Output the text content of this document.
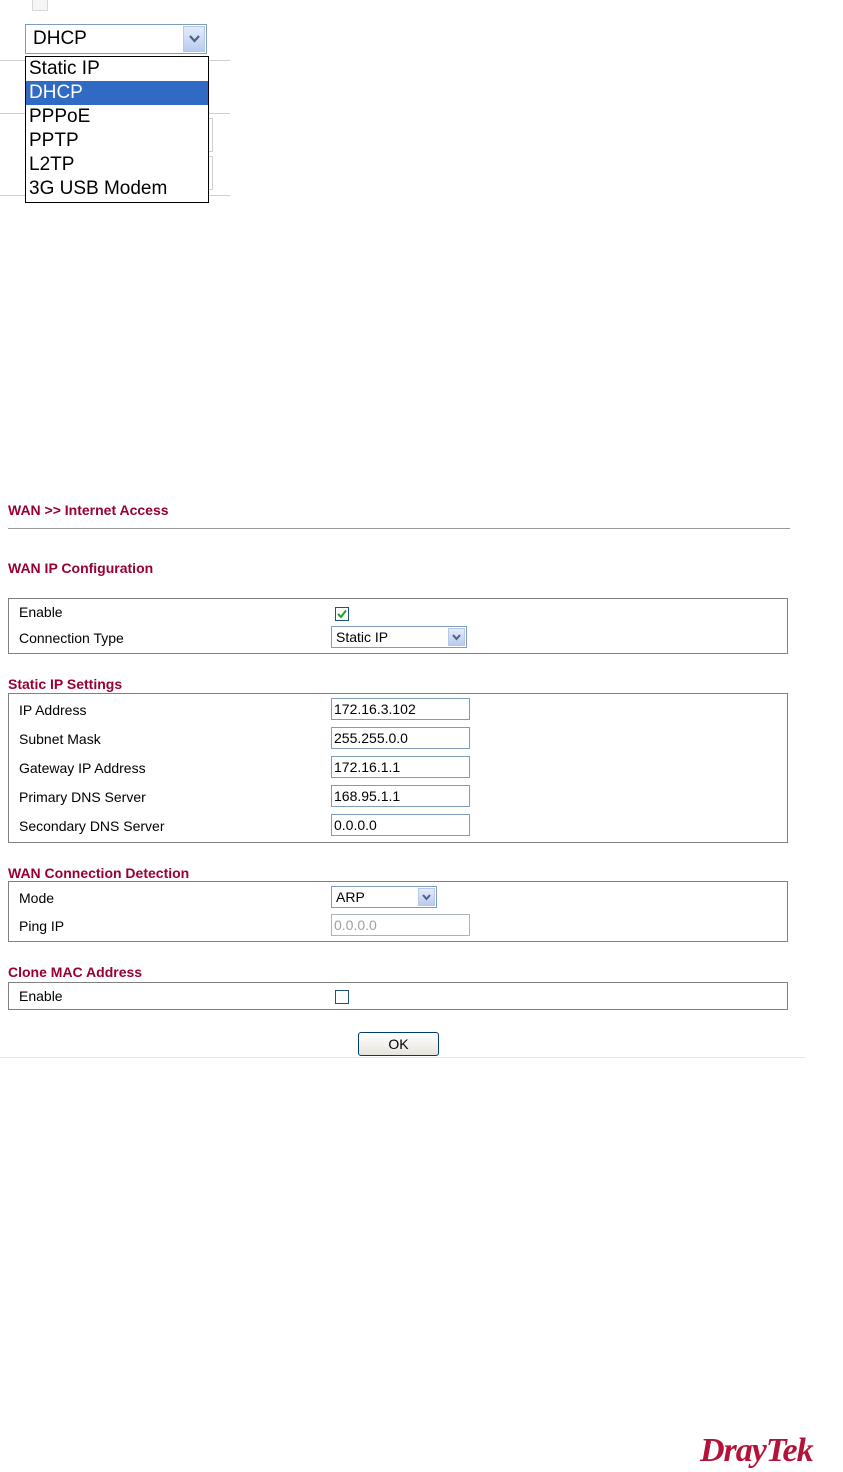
DHCP
Static IP
DHCP
PPPoE
PPTP
L2TP
3G USB Modem
WAN >> Internet Access
WAN IP Configuration
Enable
Connection Type	Static IP
Static IP Settings
IP Address	172.16.3.102
Subnet Mask	255.255.0.0
Gateway IP Address	172.16.1.1
Primary DNS Server	168.95.1.1
Secondary DNS Server	0.0.0.0
WAN Connection Detection
Mode	ARP
Ping IP	0.0.0.0
Clone MAC Address
Enable
OK
DrayTek
